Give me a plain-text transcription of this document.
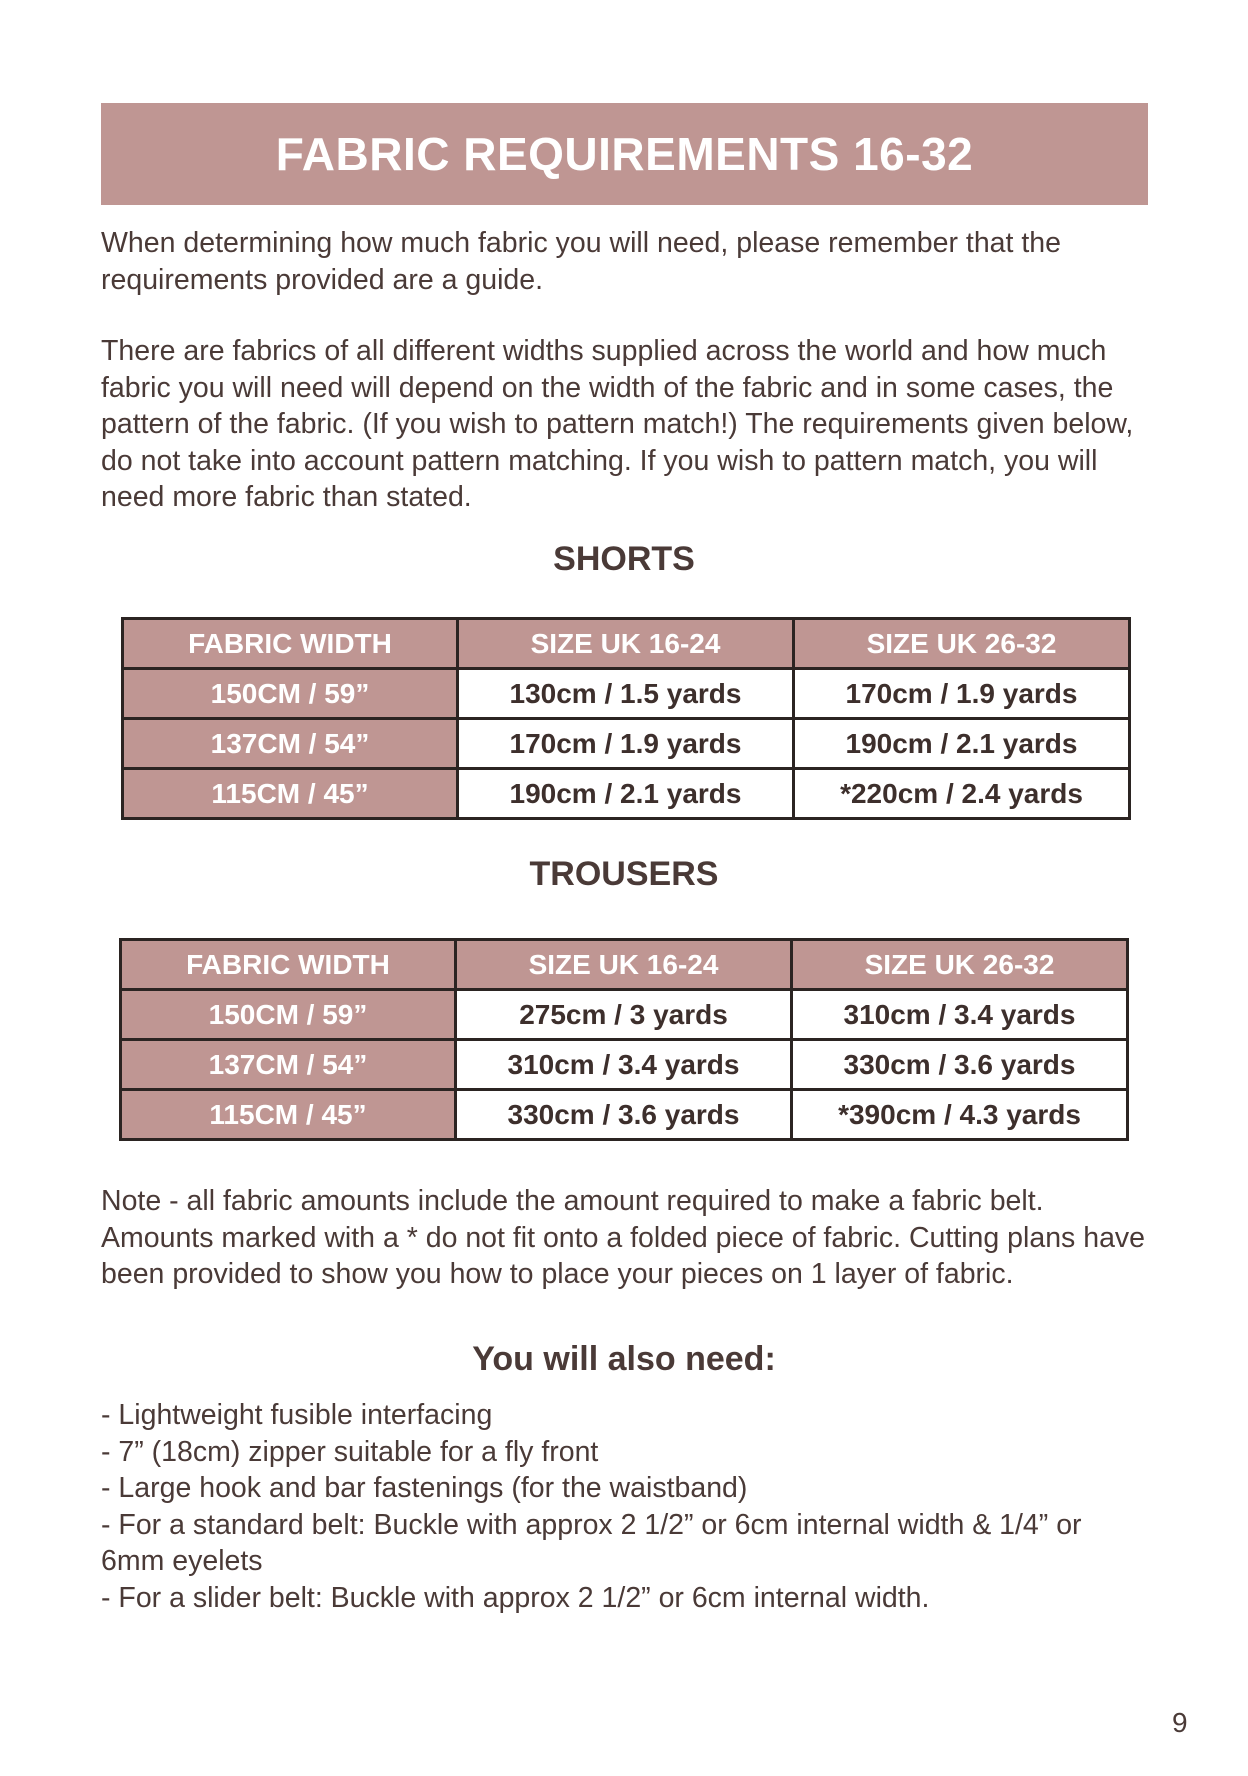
FABRIC REQUIREMENTS 16-32

When determining how much fabric you will need, please remember that the requirements provided are a guide.

There are fabrics of all different widths supplied across the world and how much fabric you will need will depend on the width of the fabric and in some cases, the pattern of the fabric. (If you wish to pattern match!) The requirements given below, do not take into account pattern matching. If you wish to pattern match, you will need more fabric than stated.

SHORTS
FABRIC WIDTH	SIZE UK 16-24	SIZE UK 26-32
150CM / 59”	130cm / 1.5 yards	170cm / 1.9 yards
137CM / 54”	170cm / 1.9 yards	190cm / 2.1 yards
115CM / 45”	190cm / 2.1 yards	*220cm / 2.4 yards
TROUSERS
FABRIC WIDTH	SIZE UK 16-24	SIZE UK 26-32
150CM / 59”	275cm / 3 yards	310cm / 3.4 yards
137CM / 54”	310cm / 3.4 yards	330cm / 3.6 yards
115CM / 45”	330cm / 3.6 yards	*390cm / 4.3 yards

Note - all fabric amounts include the amount required to make a fabric belt. Amounts marked with a * do not fit onto a folded piece of fabric. Cutting plans have been provided to show you how to place your pieces on 1 layer of fabric.

You will also need:
- Lightweight fusible interfacing
- 7” (18cm) zipper suitable for a fly front
- Large hook and bar fastenings (for the waistband)
- For a standard belt: Buckle with approx 2 1/2” or 6cm internal width & 1/4” or 6mm eyelets
- For a slider belt: Buckle with approx 2 1/2” or 6cm internal width.
9
